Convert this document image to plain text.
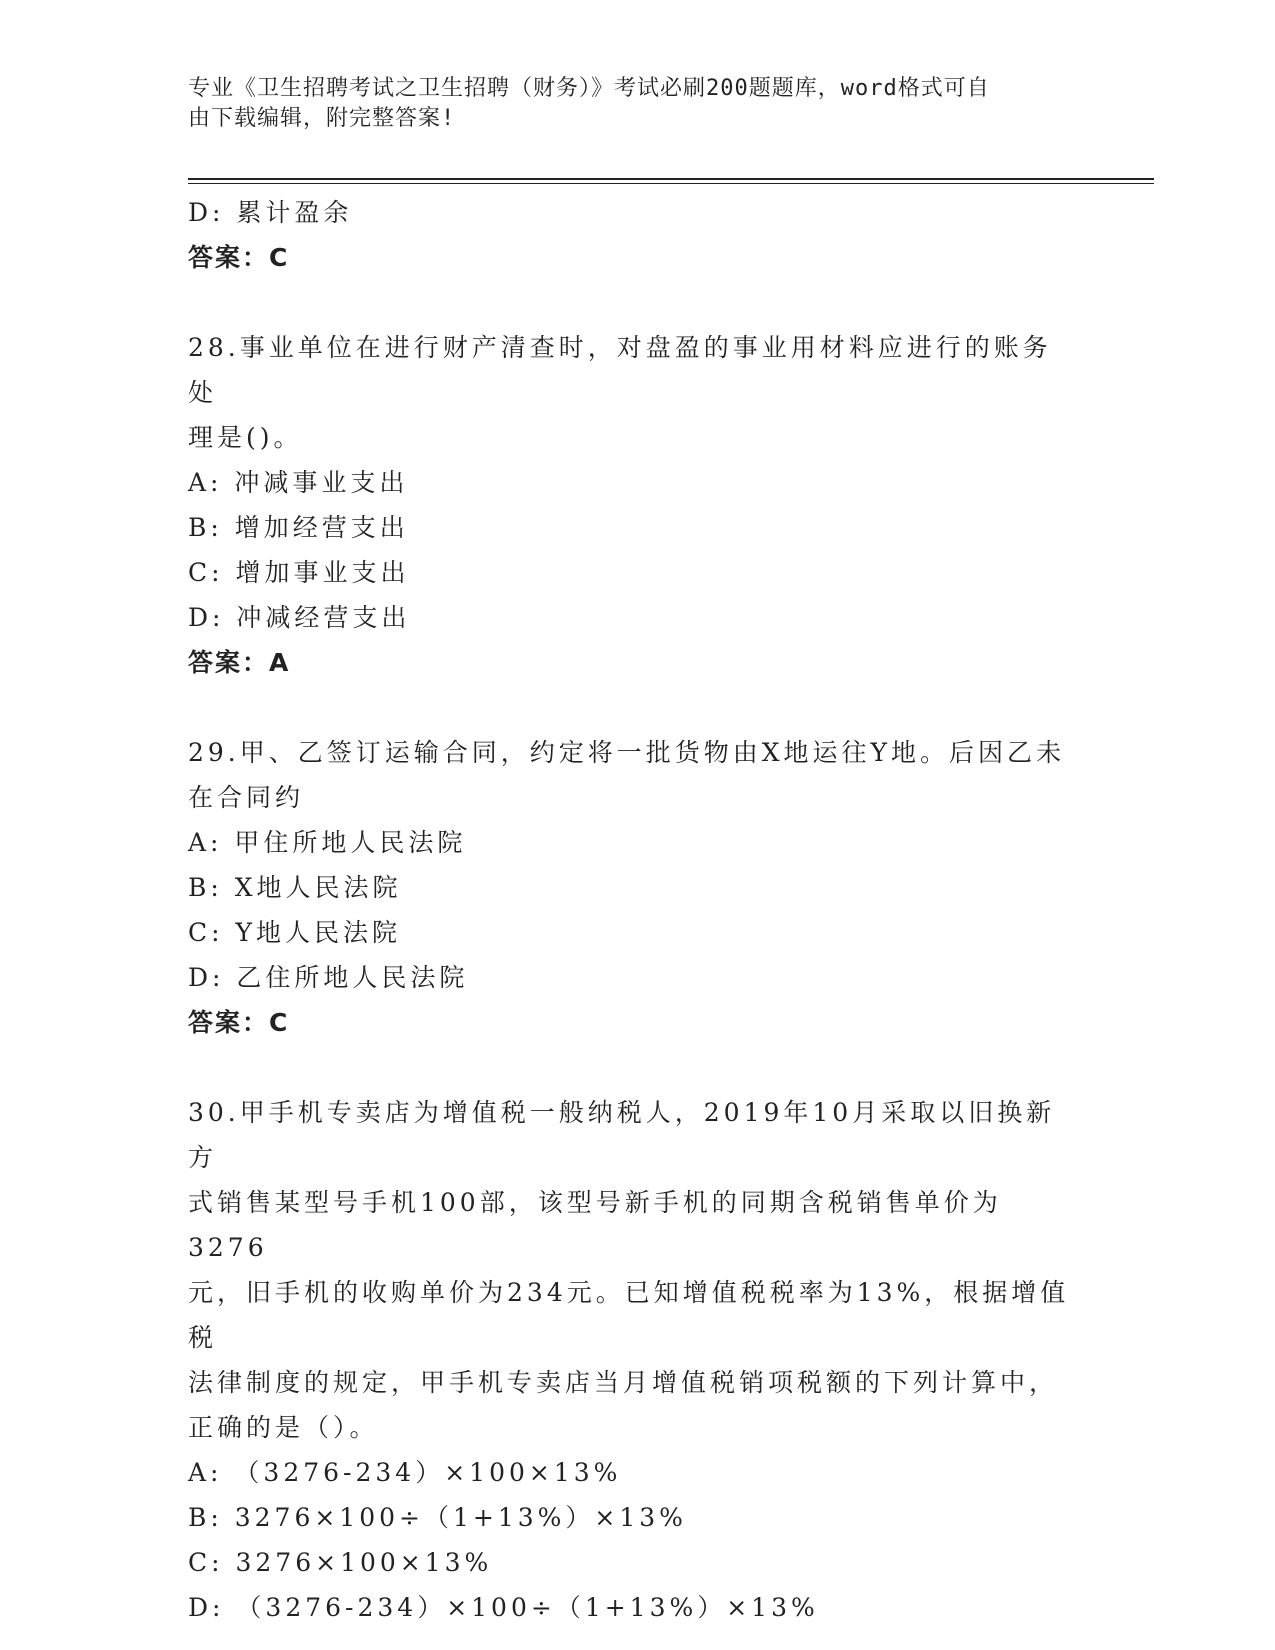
专业《卫生招聘考试之卫生招聘（财务）》考试必刷200题题库，word格式可自
由下载编辑，附完整答案!
D: 累计盈余
答案：C
28.事业单位在进行财产清查时，对盘盈的事业用材料应进行的账务处
理是()。
A: 冲减事业支出
B: 增加经营支出
C: 增加事业支出
D: 冲减经营支出
答案：A
29.甲、乙签订运输合同，约定将一批货物由X地运往Y地。后因乙未
在合同约
A: 甲住所地人民法院
B: X地人民法院
C: Y地人民法院
D: 乙住所地人民法院
答案：C
30.甲手机专卖店为增值税一般纳税人，2019年10月采取以旧换新方
式销售某型号手机100部，该型号新手机的同期含税销售单价为3276
元，旧手机的收购单价为234元。已知增值税税率为13%，根据增值税
法律制度的规定，甲手机专卖店当月增值税销项税额的下列计算中，
正确的是（）。
A: （3276-234）×100×13%
B: 3276×100÷（1+13%）×13%
C: 3276×100×13%
D: （3276-234）×100÷（1+13%）×13%
